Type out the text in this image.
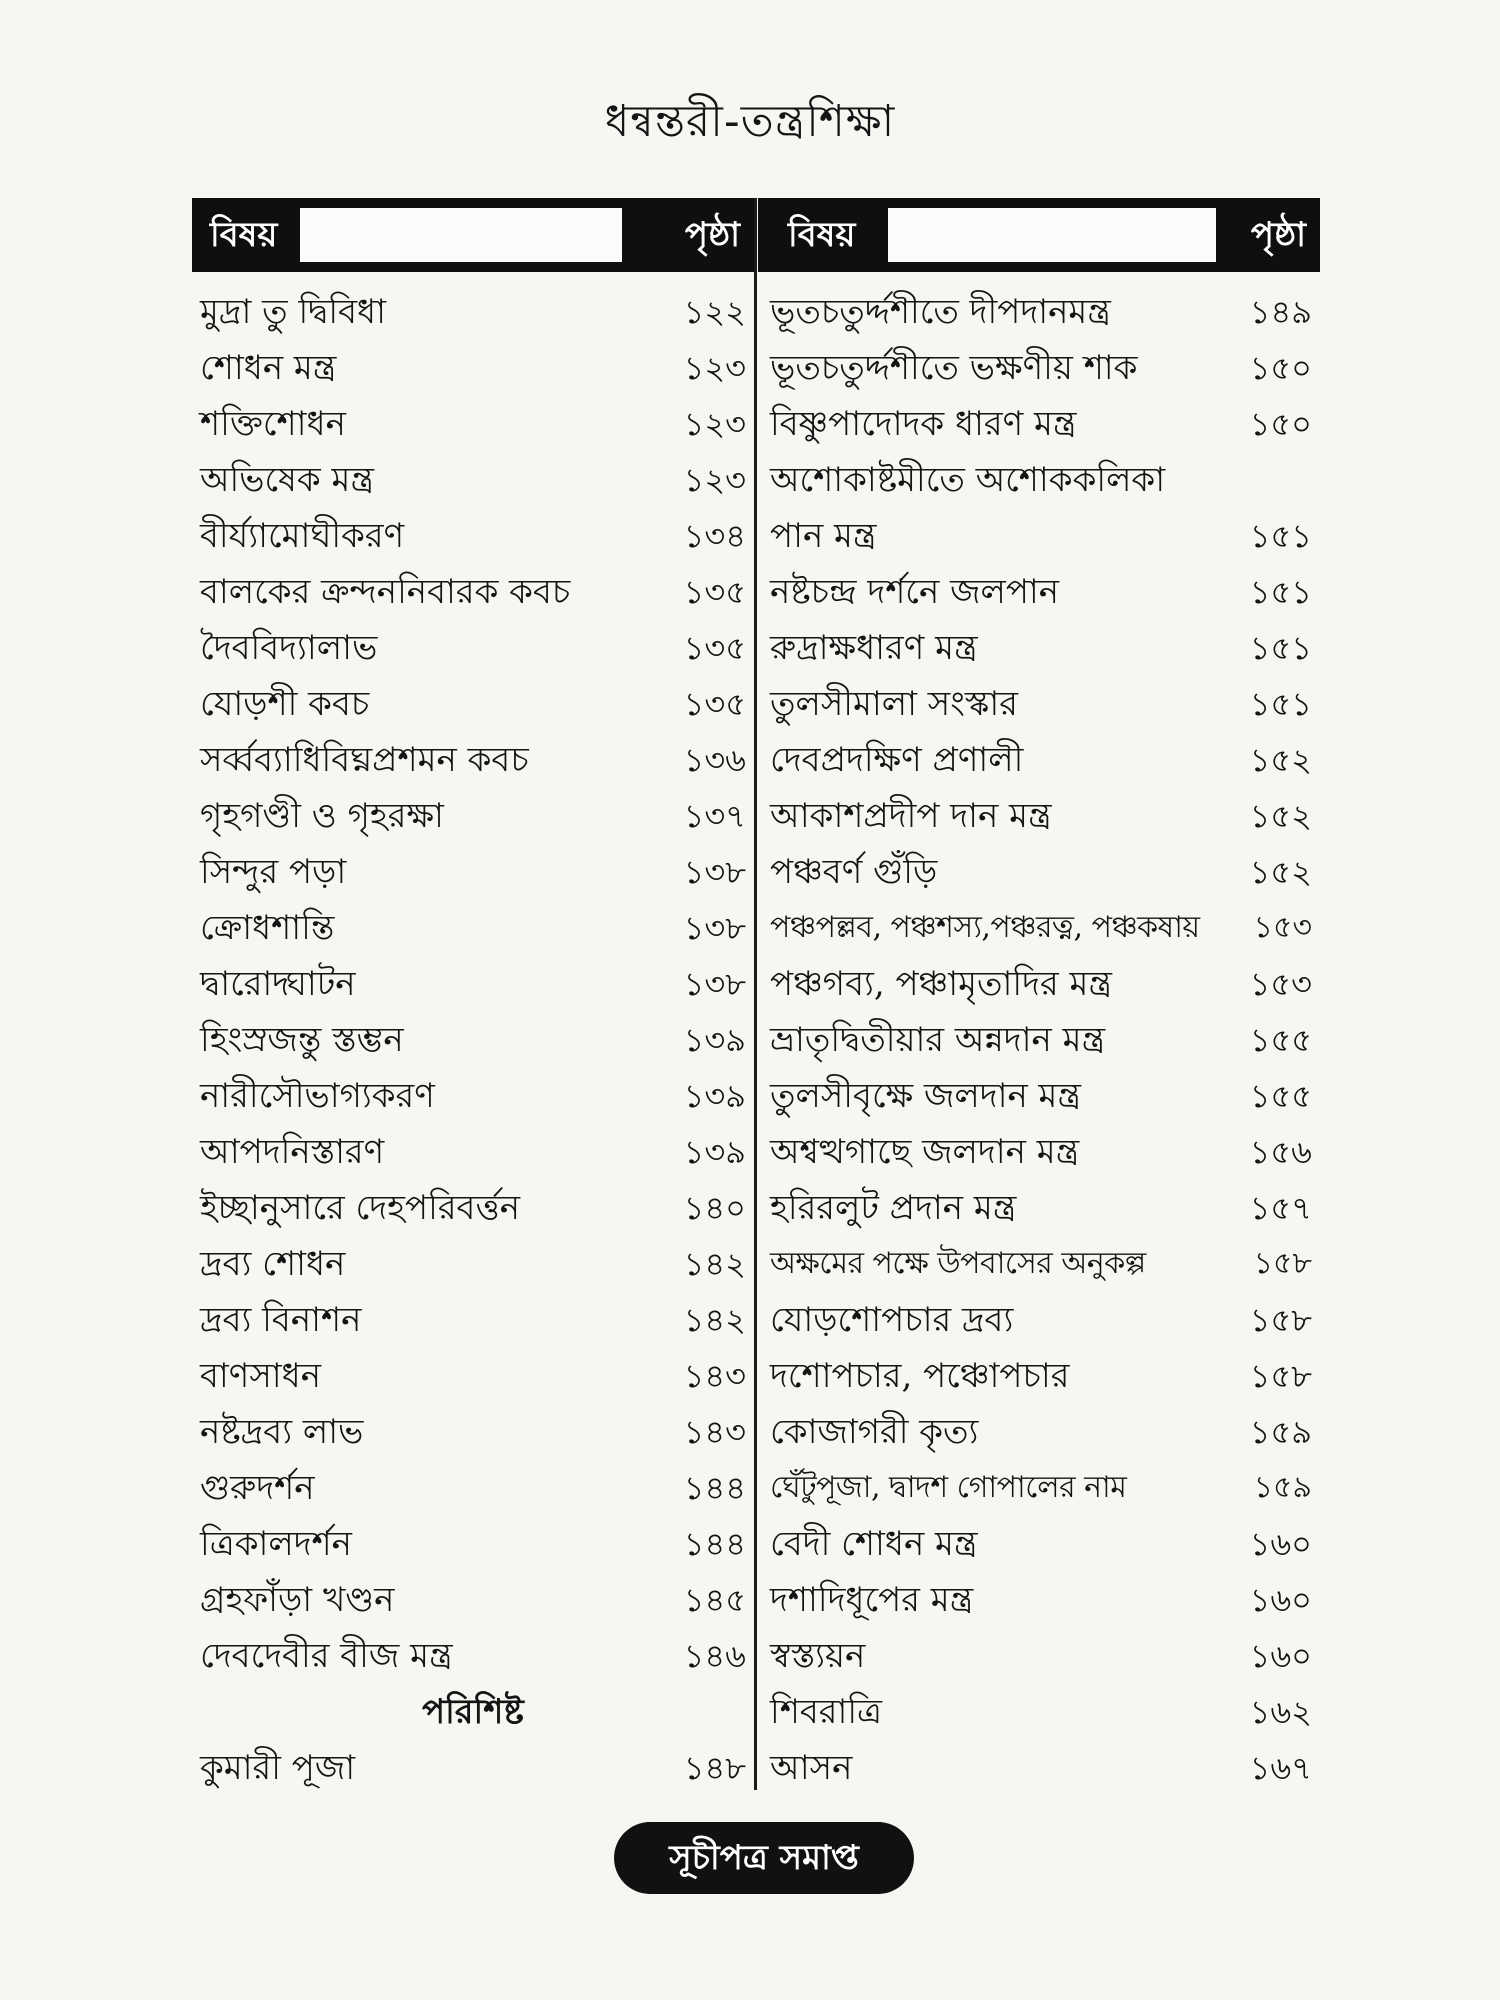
ধন্বন্তরী-তন্ত্রশিক্ষা
বিষয়	পৃষ্ঠা
মুদ্রা তু দ্বিবিধা	১২২
শোধন মন্ত্র	১২৩
শক্তিশোধন	১২৩
অভিষেক মন্ত্র	১২৩
বীর্য্যামোঘীকরণ	১৩৪
বালকের ক্রন্দননিবারক কবচ	১৩৫
দৈববিদ্যালাভ	১৩৫
যোড়শী কবচ	১৩৫
সর্ব্বব্যাধিবিঘ্নপ্রশমন কবচ	১৩৬
গৃহগণ্ডী ও গৃহরক্ষা	১৩৭
সিন্দুর পড়া	১৩৮
ক্রোধশান্তি	১৩৮
দ্বারোদ্ঘাটন	১৩৮
হিংস্রজন্তু স্তম্ভন	১৩৯
নারীসৌভাগ্যকরণ	১৩৯
আপদনিস্তারণ	১৩৯
ইচ্ছানুসারে দেহপরিবর্ত্তন	১৪০
দ্রব্য শোধন	১৪২
দ্রব্য বিনাশন	১৪২
বাণসাধন	১৪৩
নষ্টদ্রব্য লাভ	১৪৩
গুরুদর্শন	১৪৪
ত্রিকালদর্শন	১৪৪
গ্রহফাঁড়া খণ্ডন	১৪৫
দেবদেবীর বীজ মন্ত্র	১৪৬
পরিশিষ্ট
কুমারী পূজা	১৪৮
বিষয়	পৃষ্ঠা
ভূতচতুর্দ্দশীতে দীপদানমন্ত্র	১৪৯
ভূতচতুর্দ্দশীতে ভক্ষণীয় শাক	১৫০
বিষ্ণুপাদোদক ধারণ মন্ত্র	১৫০
অশোকাষ্টমীতে অশোককলিকা
পান মন্ত্র	১৫১
নষ্টচন্দ্র দর্শনে জলপান	১৫১
রুদ্রাক্ষধারণ মন্ত্র	১৫১
তুলসীমালা সংস্কার	১৫১
দেবপ্রদক্ষিণ প্রণালী	১৫২
আকাশপ্রদীপ দান মন্ত্র	১৫২
পঞ্চবর্ণ গুঁড়ি	১৫২
পঞ্চপল্লব, পঞ্চশস্য,পঞ্চরত্ন, পঞ্চকষায় ১৫৩
পঞ্চগব্য, পঞ্চামৃতাদির মন্ত্র	১৫৩
ভ্রাতৃদ্বিতীয়ার অন্নদান মন্ত্র	১৫৫
তুলসীবৃক্ষে জলদান মন্ত্র	১৫৫
অশ্বত্থগাছে জলদান মন্ত্র	১৫৬
হরিরলুট প্রদান মন্ত্র	১৫৭
অক্ষমের পক্ষে উপবাসের অনুকল্প	১৫৮
যোড়শোপচার দ্রব্য	১৫৮
দশোপচার, পঞ্চোপচার	১৫৮
কোজাগরী কৃত্য	১৫৯
ঘেঁটুপূজা, দ্বাদশ গোপালের নাম	১৫৯
বেদী শোধন মন্ত্র	১৬০
দশাদিধূপের মন্ত্র	১৬০
স্বস্ত্যয়ন	১৬০
শিবরাত্রি	১৬২
আসন	১৬৭
সূচীপত্র সমাপ্ত
